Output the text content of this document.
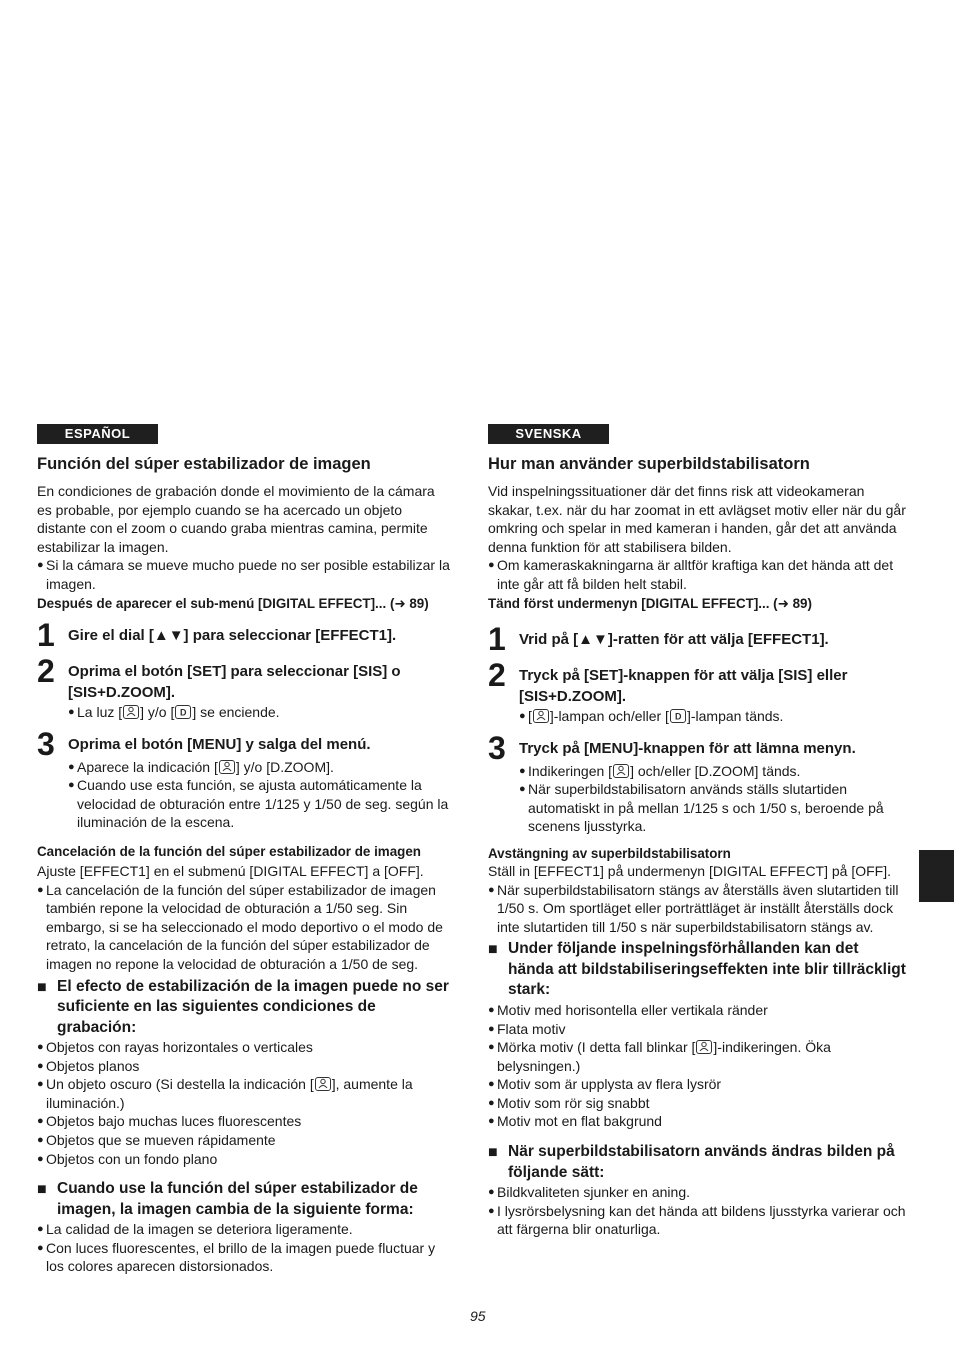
ESPAÑOL
Función del súper estabilizador de imagen

En condiciones de grabación donde el movimiento de la cámara es probable, por ejemplo cuando se ha acercado un objeto distante con el zoom o cuando graba mientras camina, permite estabilizar la imagen.

● Si la cámara se mueve mucho puede no ser posible estabilizar la imagen.

Después de aparecer el sub-menú [DIGITAL EFFECT]... (➜ 89)

1 Gire el dial [▲▼] para seleccionar [EFFECT1].
2 Oprima el botón [SET] para seleccionar [SIS] o [SIS+D.ZOOM].
● La luz [ ] y/o [ D ] se enciende.
3 Oprima el botón [MENU] y salga del menú.
● Aparece la indicación [ ] y/o [D.ZOOM].
● Cuando use esta función, se ajusta automáticamente la velocidad de obturación entre 1/125 y 1/50 de seg. según la iluminación de la escena.

Cancelación de la función del súper estabilizador de imagen

Ajuste [EFFECT1] en el submenú [DIGITAL EFFECT] a [OFF].

● La cancelación de la función del súper estabilizador de imagen también repone la velocidad de obturación a 1/50 seg. Sin embargo, si se ha seleccionado el modo deportivo o el modo de retrato, la cancelación de la función del súper estabilizador de imagen no repone la velocidad de obturación a 1/50 de seg.
■ El efecto de estabilización de la imagen puede no ser suficiente en las siguientes condiciones de grabación:
● Objetos con rayas horizontales o verticales
● Objetos planos
● Un objeto oscuro (Si destella la indicación [ ], aumente la iluminación.)
● Objetos bajo muchas luces fluorescentes
● Objetos que se mueven rápidamente
● Objetos con un fondo plano
■ Cuando use la función del súper estabilizador de imagen, la imagen cambia de la siguiente forma:
● La calidad de la imagen se deteriora ligeramente.
● Con luces fluorescentes, el brillo de la imagen puede fluctuar y los colores aparecen distorsionados.
SVENSKA
Hur man använder superbildstabilisatorn

Vid inspelningssituationer där det finns risk att videokameran skakar, t.ex. när du har zoomat in ett avlägset motiv eller när du går omkring och spelar in med kameran i handen, går det att använda denna funktion för att stabilisera bilden.

● Om kameraskakningarna är alltför kraftiga kan det hända att det inte går att få bilden helt stabil.

Tänd först undermenyn [DIGITAL EFFECT]... (➜ 89)

1 Vrid på [▲▼]-ratten för att välja [EFFECT1].
2 Tryck på [SET]-knappen för att välja [SIS] eller [SIS+D.ZOOM].
● [ ]-lampan och/eller [ D ]-lampan tänds.
3 Tryck på [MENU]-knappen för att lämna menyn.
● Indikeringen [ ] och/eller [D.ZOOM] tänds.
● När superbildstabilisatorn används ställs slutartiden automatiskt in på mellan 1/125 s och 1/50 s, beroende på scenens ljusstyrka.

Avstängning av superbildstabilisatorn

Ställ in [EFFECT1] på undermenyn [DIGITAL EFFECT] på [OFF].

● När superbildstabilisatorn stängs av återställs även slutartiden till 1/50 s. Om sportläget eller porträttläget är inställt återställs dock inte slutartiden till 1/50 s när superbildstabilisatorn stängs av.
■ Under följande inspelningsförhållanden kan det hända att bildstabiliseringseffekten inte blir tillräckligt stark:
● Motiv med horisontella eller vertikala ränder
● Flata motiv
● Mörka motiv (I detta fall blinkar [ ]-indikeringen. Öka belysningen.)
● Motiv som är upplysta av flera lysrör
● Motiv som rör sig snabbt
● Motiv mot en flat bakgrund
■ När superbildstabilisatorn används ändras bilden på följande sätt:
● Bildkvaliteten sjunker en aning.
● I lysrörsbelysning kan det hända att bildens ljusstyrka varierar och att färgerna blir onaturliga.
95
